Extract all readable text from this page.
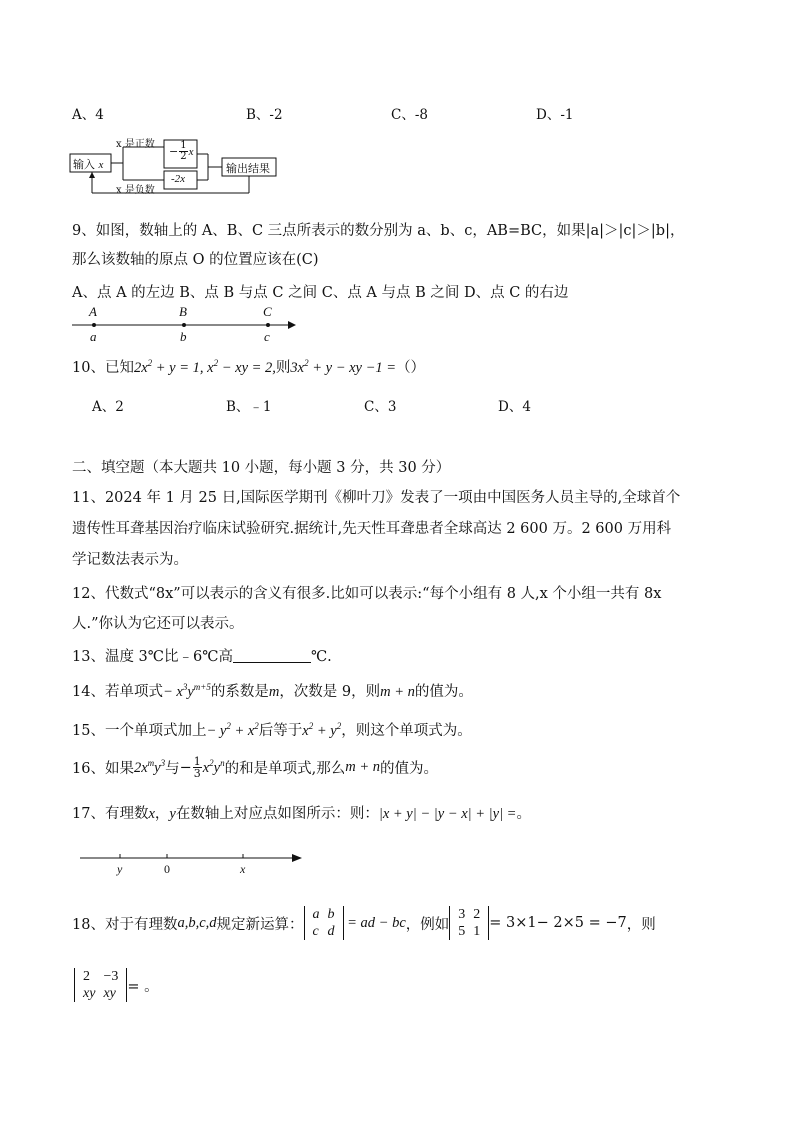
A、4	B、-2	C、-8	D、-1
输入 x
x 是正数
x 是负数
− $\frac{1}{2}$ x
-2x
输出结果
9、如图，数轴上的 A、B、C 三点所表示的数分别为 a、b、c，AB=BC，如果|a|＞|c|＞|b|，
那么该数轴的原点 O 的位置应该在(C)
A、点 A 的左边 B、点 B 与点 C 之间 C、点 A 与点 B 之间 D、点 C 的右边
A	B	C
a	b	c
10、已知$2x^2 + y = 1$, $x^2$ − xy = 2,则$3x^2 + y$ − xy −1 =（）
A、2	B、﹣1	C、3	D、4
二、填空题（本大题共 10 小题，每小题 3 分，共 30 分）
11、2024 年 1 月 25 日,国际医学期刊《柳叶刀》发表了一项由中国医务人员主导的,全球首个
遗传性耳聋基因治疗临床试验研究.据统计,先天性耳聋患者全球高达 2 600 万。2 600 万用科
学记数法表示为。
12、代数式“8x”可以表示的含义有很多.比如可以表示:“每个小组有 8 人,x 个小组一共有 8x
人.”你认为它还可以表示。
13、温度 3℃比﹣6℃高	℃.
14、若单项式− $x^3y^{m+5}$的系数是m，次数是 9，则m + n的值为。
15、一个单项式加上− $y^2 + x^2$后等于$x^2 + y^2$，则这个单项式为。
16、如果 $2x^my^3$ 与 − $\frac{1}{3} x^2y^n$ 的和是单项式,那么 m + n 的值为。
17、有理数x，y在数轴上对应点如图所示：则：|x + y| − |y − x| + |y| =。
y	0	x
18、对于有理数 a,b,c,d 规定新运算：
a	b
c	d
= ad − bc ，例如
3	2
5	1
= 3×1− 2×5 = −7 ，则
2	−3
xy	xy = 。
